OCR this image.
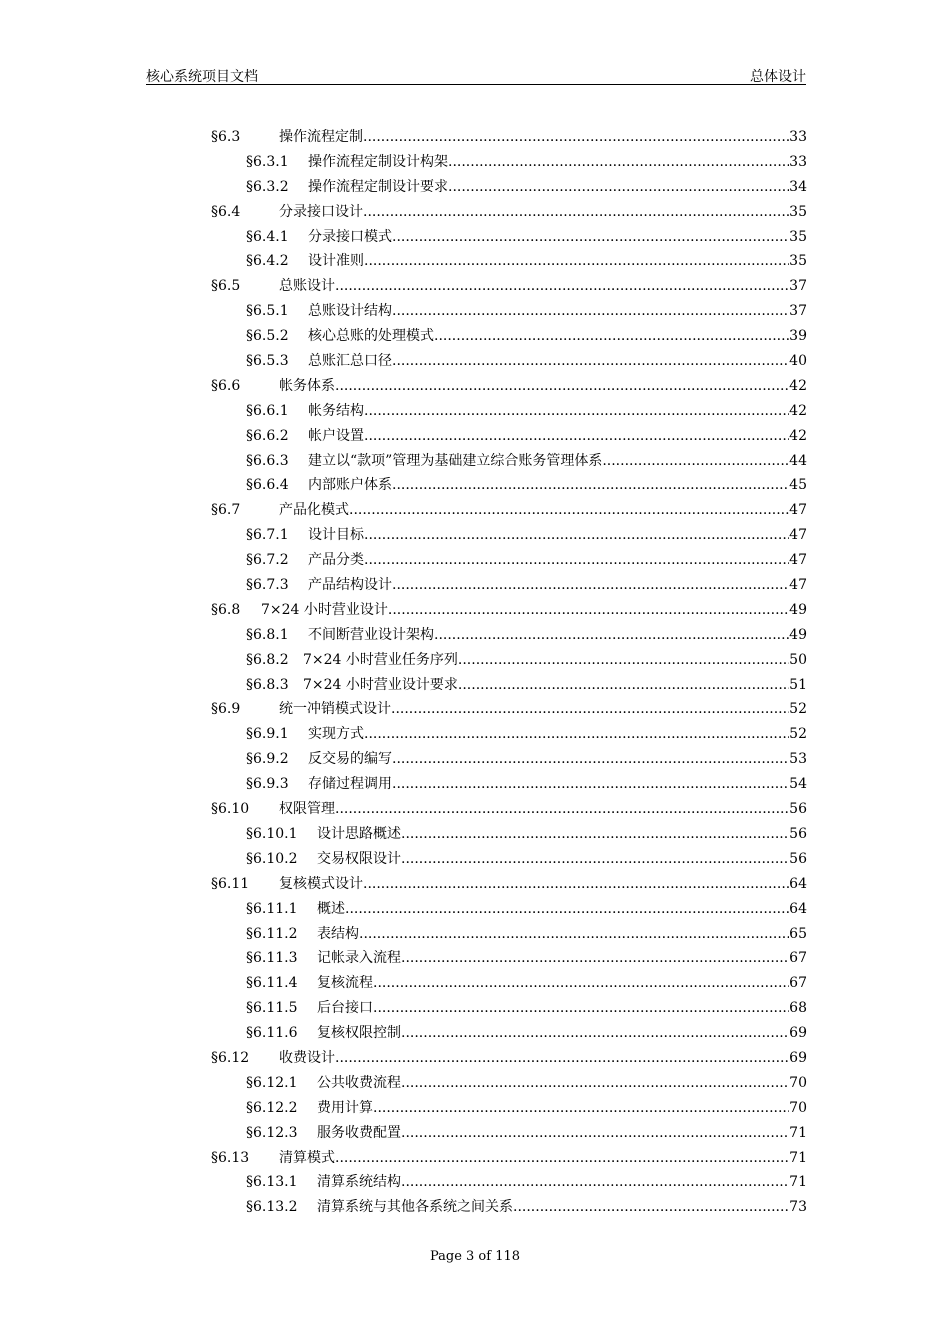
核心系统项目文档	总体设计
§6.3	操作流程定制 .....	33
§6.3.1	操作流程定制设计构架 .....	33
§6.3.2	操作流程定制设计要求 .....	34
§6.4	分录接口设计 .....	35
§6.4.1	分录接口模式 .....	35
§6.4.2	设计准则 .....	35
§6.5	总账设计 .....	37
§6.5.1	总账设计结构 .....	37
§6.5.2	核心总账的处理模式 .....	39
§6.5.3	总账汇总口径 .....	40
§6.6	帐务体系 .....	42
§6.6.1	帐务结构 .....	42
§6.6.2	帐户设置 .....	42
§6.6.3	建立以“款项”管理为基础建立综合账务管理体系 .....	44
§6.6.4	内部账户体系 .....	45
§6.7	产品化模式 .....	47
§6.7.1	设计目标 .....	47
§6.7.2	产品分类 .....	47
§6.7.3	产品结构设计 .....	47
§6.8	7×24 小时营业设计 .....	49
§6.8.1	不间断营业设计架构 .....	49
§6.8.2	7×24 小时营业任务序列 .....	50
§6.8.3	7×24 小时营业设计要求 .....	51
§6.9	统一冲销模式设计 .....	52
§6.9.1	实现方式 .....	52
§6.9.2	反交易的编写 .....	53
§6.9.3	存储过程调用 .....	54
§6.10	权限管理 .....	56
§6.10.1	设计思路概述 .....	56
§6.10.2	交易权限设计 .....	56
§6.11	复核模式设计 .....	64
§6.11.1	概述 .....	64
§6.11.2	表结构 .....	65
§6.11.3	记帐录入流程 .....	67
§6.11.4	复核流程 .....	67
§6.11.5	后台接口 .....	68
§6.11.6	复核权限控制 .....	69
§6.12	收费设计 .....	69
§6.12.1	公共收费流程 .....	70
§6.12.2	费用计算 .....	70
§6.12.3	服务收费配置 .....	71
§6.13	清算模式 .....	71
§6.13.1	清算系统结构 .....	71
§6.13.2	清算系统与其他各系统之间关系 .....	73
Page 3 of 118
